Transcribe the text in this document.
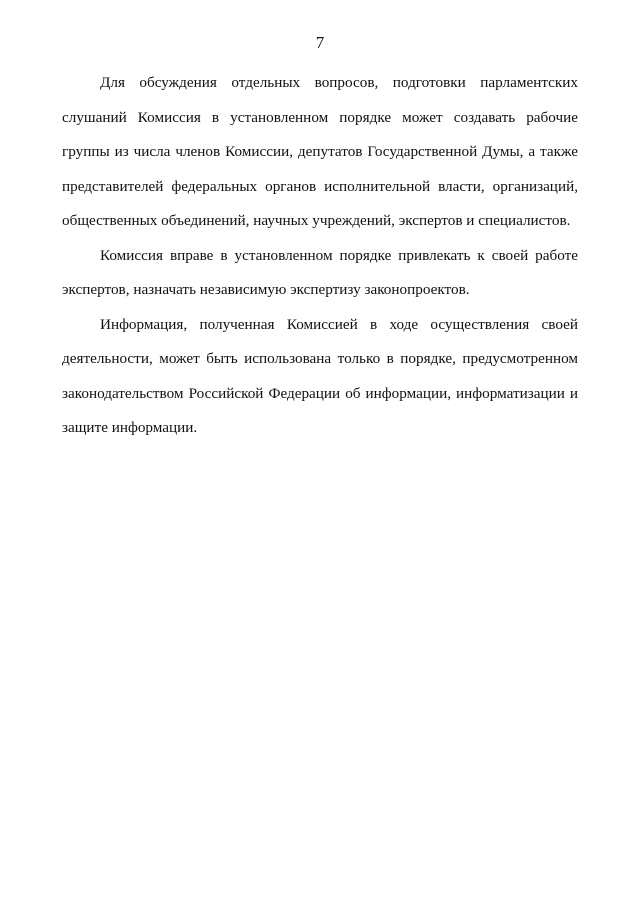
7

Для обсуждения отдельных вопросов, подготовки парламентских слушаний Комиссия в установленном порядке может создавать рабочие группы из числа членов Комиссии, депутатов Государственной Думы, а также представителей федеральных органов исполнительной власти, организаций, общественных объединений, научных учреждений, экспертов и специалистов.

Комиссия вправе в установленном порядке привлекать к своей работе экспертов, назначать независимую экспертизу законопроектов.

Информация, полученная Комиссией в ходе осуществления своей деятельности, может быть использована только в порядке, предусмотренном законодательством Российской Федерации об информации, информатизации и защите информации.
